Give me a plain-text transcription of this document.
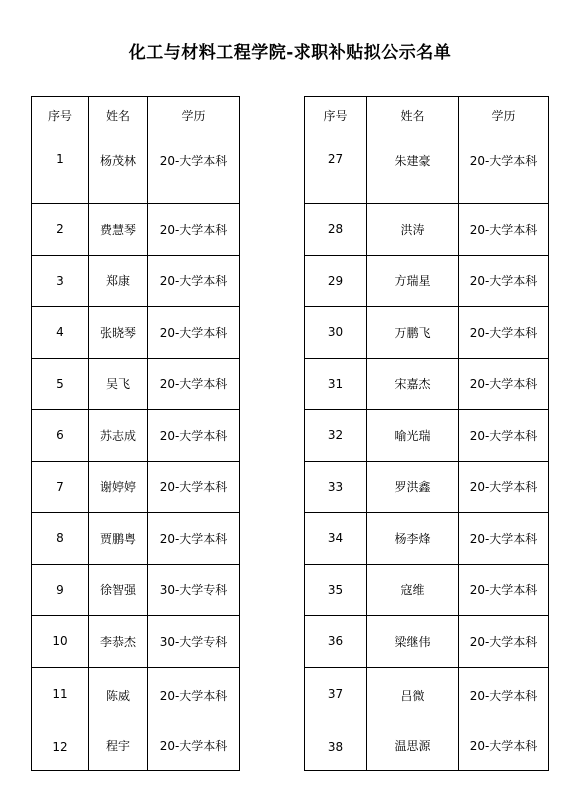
化工与材料工程学院-求职补贴拟公示名单
序号	姓名	学历
1	杨茂林	20-大学本科
2	费慧琴	20-大学本科
3	郑康	20-大学本科
4	张晓琴	20-大学本科
5	吴飞	20-大学本科
6	苏志成	20-大学本科
7	谢婷婷	20-大学本科
8	贾鹏粤	20-大学本科
9	徐智强	30-大学专科
10	李恭杰	30-大学专科
11	陈威	20-大学本科
12	程宇	20-大学本科
序号	姓名	学历
27	朱建豪	20-大学本科
28	洪涛	20-大学本科
29	方瑞星	20-大学本科
30	万鹏飞	20-大学本科
31	宋嘉杰	20-大学本科
32	喻光瑞	20-大学本科
33	罗洪鑫	20-大学本科
34	杨李烽	20-大学本科
35	寇维	20-大学本科
36	梁继伟	20-大学本科
37	吕微	20-大学本科
38	温思源	20-大学本科
